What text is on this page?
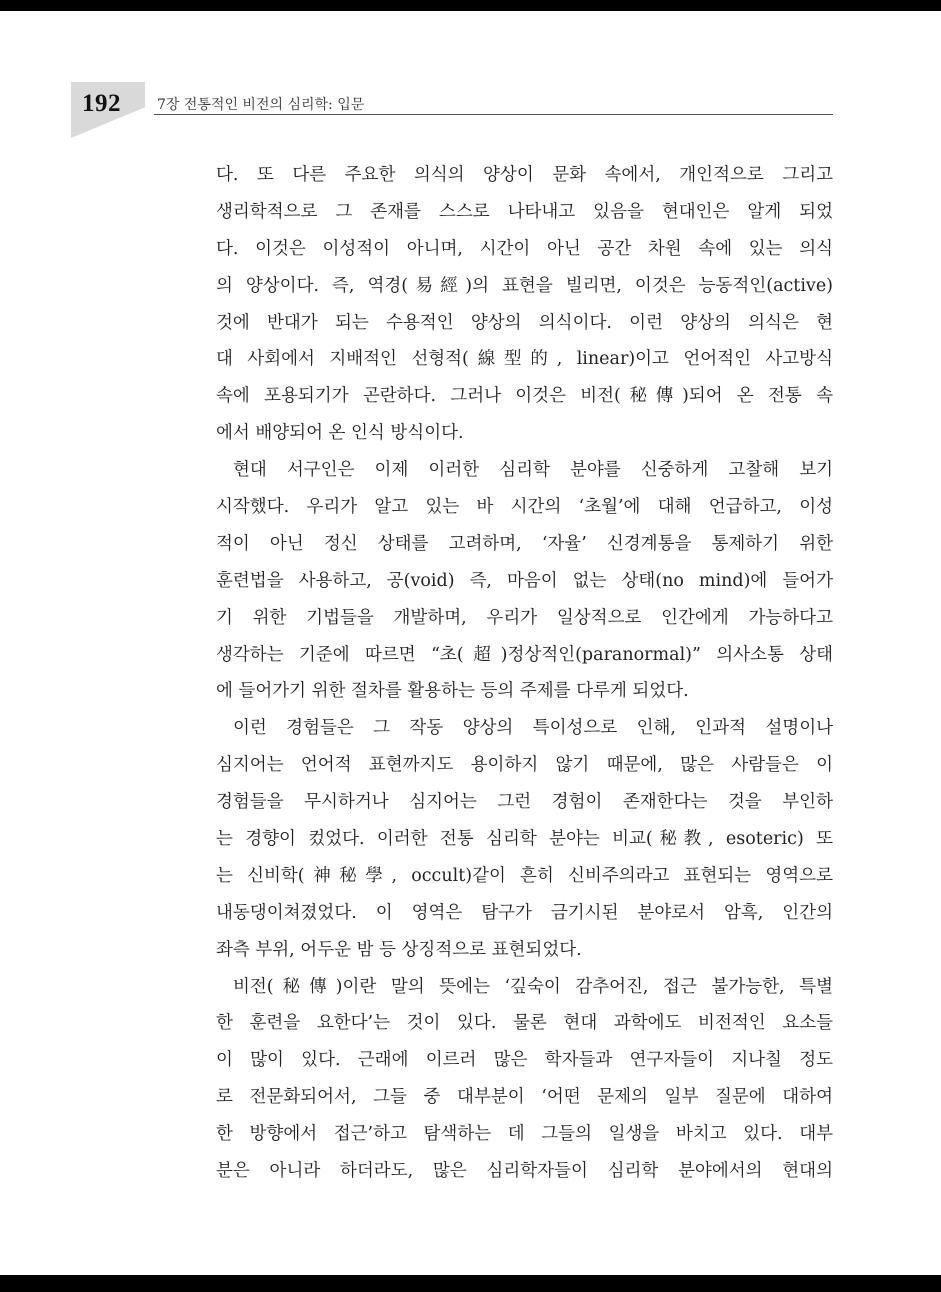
192	7장 전통적인 비전의 심리학: 입문
다. 또 다른 주요한 의식의 양상이 문화 속에서, 개인적으로 그리고
생리학적으로 그 존재를 스스로 나타내고 있음을 현대인은 알게 되었
다. 이것은 이성적이 아니며, 시간이 아닌 공간 차원 속에 있는 의식
의 양상이다. 즉, 역경(易經)의 표현을 빌리면, 이것은 능동적인(active)
것에 반대가 되는 수용적인 양상의 의식이다. 이런 양상의 의식은 현
대 사회에서 지배적인 선형적(線型的, linear)이고 언어적인 사고방식
속에 포용되기가 곤란하다. 그러나 이것은 비전(秘傳)되어 온 전통 속
에서 배양되어 온 인식 방식이다.
현대 서구인은 이제 이러한 심리학 분야를 신중하게 고찰해 보기
시작했다. 우리가 알고 있는 바 시간의 ‘초월’에 대해 언급하고, 이성
적이 아닌 정신 상태를 고려하며, ‘자율’ 신경계통을 통제하기 위한
훈련법을 사용하고, 공(void) 즉, 마음이 없는 상태(no mind)에 들어가
기 위한 기법들을 개발하며, 우리가 일상적으로 인간에게 가능하다고
생각하는 기준에 따르면 “초(超)정상적인(paranormal)” 의사소통 상태
에 들어가기 위한 절차를 활용하는 등의 주제를 다루게 되었다.
이런 경험들은 그 작동 양상의 특이성으로 인해, 인과적 설명이나
심지어는 언어적 표현까지도 용이하지 않기 때문에, 많은 사람들은 이
경험들을 무시하거나 심지어는 그런 경험이 존재한다는 것을 부인하
는 경향이 컸었다. 이러한 전통 심리학 분야는 비교(秘教, esoteric) 또
는 신비학(神秘學, occult)같이 흔히 신비주의라고 표현되는 영역으로
내동댕이쳐졌었다. 이 영역은 탐구가 금기시된 분야로서 암흑, 인간의
좌측 부위, 어두운 밤 등 상징적으로 표현되었다.
비전(秘傳)이란 말의 뜻에는 ‘깊숙이 감추어진, 접근 불가능한, 특별
한 훈련을 요한다’는 것이 있다. 물론 현대 과학에도 비전적인 요소들
이 많이 있다. 근래에 이르러 많은 학자들과 연구자들이 지나칠 정도
로 전문화되어서, 그들 중 대부분이 ‘어떤 문제의 일부 질문에 대하여
한 방향에서 접근’하고 탐색하는 데 그들의 일생을 바치고 있다. 대부
분은 아니라 하더라도, 많은 심리학자들이 심리학 분야에서의 현대의
